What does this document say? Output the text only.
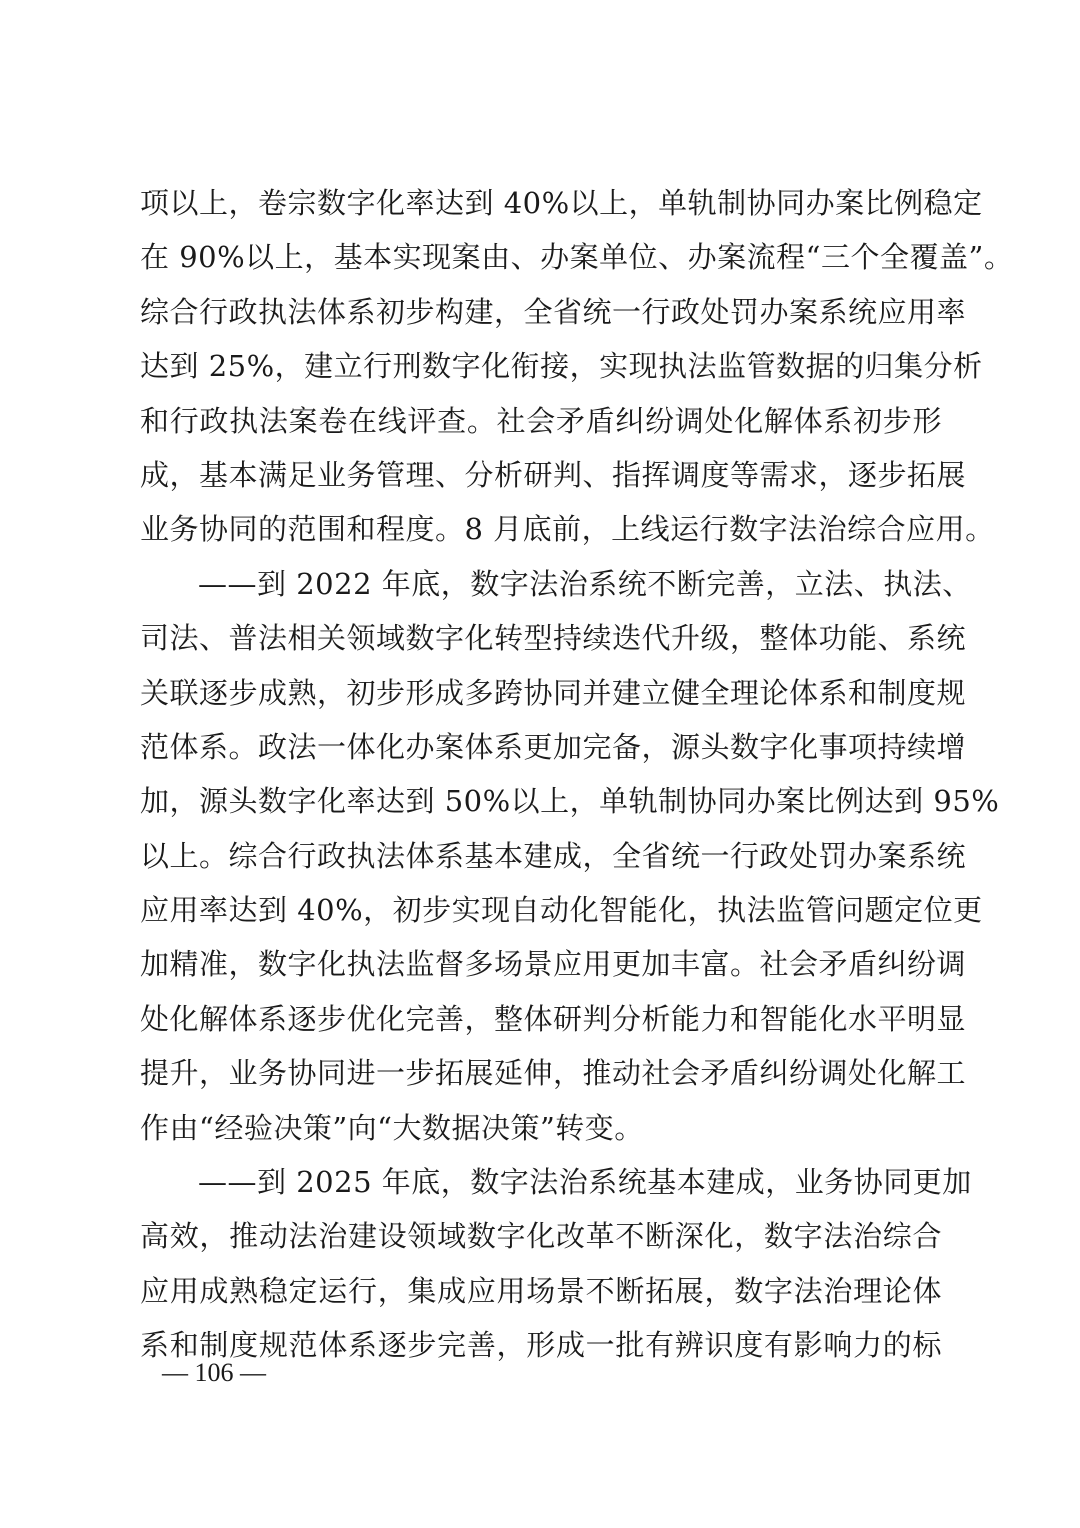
项以上，卷宗数字化率达到 40%以上，单轨制协同办案比例稳定
在 90%以上，基本实现案由、办案单位、办案流程“三个全覆盖”。
综合行政执法体系初步构建，全省统一行政处罚办案系统应用率
达到 25%，建立行刑数字化衔接，实现执法监管数据的归集分析
和行政执法案卷在线评查。社会矛盾纠纷调处化解体系初步形
成，基本满足业务管理、分析研判、指挥调度等需求，逐步拓展
业务协同的范围和程度。8 月底前，上线运行数字法治综合应用。
——到 2022 年底，数字法治系统不断完善，立法、执法、
司法、普法相关领域数字化转型持续迭代升级，整体功能、系统
关联逐步成熟，初步形成多跨协同并建立健全理论体系和制度规
范体系。政法一体化办案体系更加完备，源头数字化事项持续增
加，源头数字化率达到 50%以上，单轨制协同办案比例达到 95%
以上。综合行政执法体系基本建成，全省统一行政处罚办案系统
应用率达到 40%，初步实现自动化智能化，执法监管问题定位更
加精准，数字化执法监督多场景应用更加丰富。社会矛盾纠纷调
处化解体系逐步优化完善，整体研判分析能力和智能化水平明显
提升，业务协同进一步拓展延伸，推动社会矛盾纠纷调处化解工
作由“经验决策”向“大数据决策”转变。
——到 2025 年底，数字法治系统基本建成，业务协同更加
高效，推动法治建设领域数字化改革不断深化，数字法治综合
应用成熟稳定运行，集成应用场景不断拓展，数字法治理论体
系和制度规范体系逐步完善，形成一批有辨识度有影响力的标
— 106 —
